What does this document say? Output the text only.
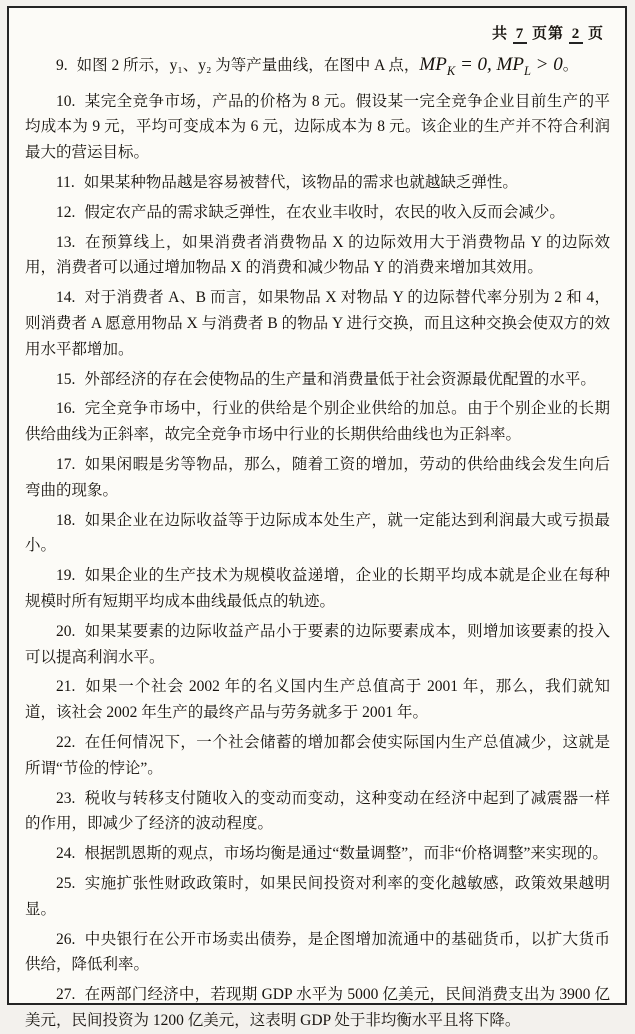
共 7 页第 2 页

9. 如图 2 所示，y₁、y₂ 为等产量曲线，在图中 A 点，$MP_K = 0$, $MP_L > 0$。

10. 某完全竞争市场，产品的价格为 8 元。假设某一完全竞争企业目前生产的平均成本为 9 元，平均可变成本为 6 元，边际成本为 8 元。该企业的生产并不符合利润最大的营运目标。

11. 如果某种物品越是容易被替代，该物品的需求也就越缺乏弹性。

12. 假定农产品的需求缺乏弹性，在农业丰收时，农民的收入反而会减少。

13. 在预算线上，如果消费者消费物品 X 的边际效用大于消费物品 Y 的边际效用，消费者可以通过增加物品 X 的消费和减少物品 Y 的消费来增加其效用。

14. 对于消费者 A、B 而言，如果物品 X 对物品 Y 的边际替代率分别为 2 和 4，则消费者 A 愿意用物品 X 与消费者 B 的物品 Y 进行交换，而且这种交换会使双方的效用水平都增加。

15. 外部经济的存在会使物品的生产量和消费量低于社会资源最优配置的水平。

16. 完全竞争市场中，行业的供给是个别企业供给的加总。由于个别企业的长期供给曲线为正斜率，故完全竞争市场中行业的长期供给曲线也为正斜率。

17. 如果闲暇是劣等物品，那么，随着工资的增加，劳动的供给曲线会发生向后弯曲的现象。

18. 如果企业在边际收益等于边际成本处生产，就一定能达到利润最大或亏损最小。

19. 如果企业的生产技术为规模收益递增，企业的长期平均成本就是企业在每种规模时所有短期平均成本曲线最低点的轨迹。

20. 如果某要素的边际收益产品小于要素的边际要素成本，则增加该要素的投入可以提高利润水平。

21. 如果一个社会 2002 年的名义国内生产总值高于 2001 年，那么，我们就知道，该社会 2002 年生产的最终产品与劳务就多于 2001 年。

22. 在任何情况下，一个社会储蓄的增加都会使实际国内生产总值减少，这就是所谓“节俭的悖论”。

23. 税收与转移支付随收入的变动而变动，这种变动在经济中起到了减震器一样的作用，即减少了经济的波动程度。

24. 根据凯恩斯的观点，市场均衡是通过“数量调整”，而非“价格调整”来实现的。

25. 实施扩张性财政政策时，如果民间投资对利率的变化越敏感，政策效果越明显。

26. 中央银行在公开市场卖出债券，是企图增加流通中的基础货币，以扩大货币供给，降低利率。

27. 在两部门经济中，若现期 GDP 水平为 5000 亿美元，民间消费支出为 3900 亿美元，民间投资为 1200 亿美元，这表明 GDP 处于非均衡水平且将下降。
